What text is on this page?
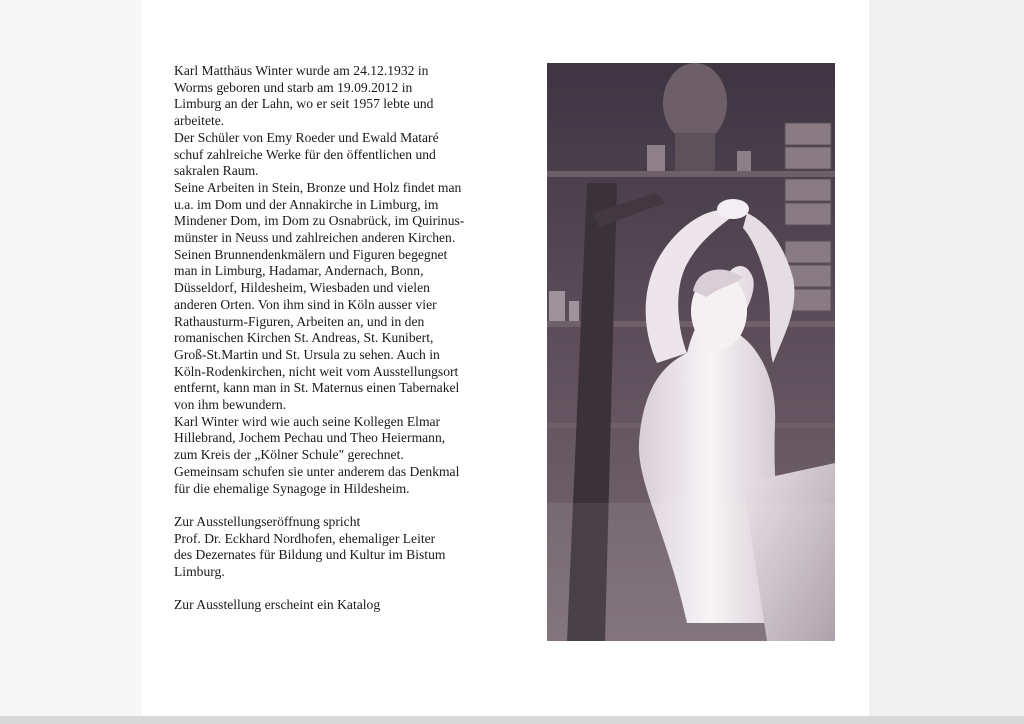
Karl Matthäus Winter wurde am 24.12.1932 in

Worms geboren und starb am 19.09.2012 in

Limburg an der Lahn, wo er seit 1957 lebte und

arbeitete.

Der Schüler von Emy Roeder und Ewald Mataré

schuf zahlreiche Werke für den öffentlichen und

sakralen Raum.

Seine Arbeiten in Stein, Bronze und Holz findet man

u.a. im Dom und der Annakirche in Limburg, im

Mindener Dom, im Dom zu Osnabrück, im Quirinus-

münster in Neuss und zahlreichen anderen Kirchen.

Seinen Brunnendenkmälern und Figuren begegnet

man in Limburg, Hadamar, Andernach, Bonn,

Düsseldorf, Hildesheim, Wiesbaden und vielen

anderen Orten. Von ihm sind in Köln ausser vier

Rathausturm-Figuren, Arbeiten an, und in den

romanischen Kirchen St. Andreas, St. Kunibert,

Groß-St.Martin und St. Ursula zu sehen. Auch in

Köln-Rodenkirchen, nicht weit vom Ausstellungsort

entfernt, kann man in St. Maternus einen Tabernakel

von ihm bewundern.

Karl Winter wird wie auch seine Kollegen Elmar

Hillebrand, Jochem Pechau und Theo Heiermann,

zum Kreis der „Kölner Schule" gerechnet.

Gemeinsam schufen sie unter anderem das Denkmal

für die ehemalige Synagoge in Hildesheim.

Zur Ausstellungseröffnung spricht

Prof. Dr. Eckhard Nordhofen, ehemaliger Leiter

des Dezernates für Bildung und Kultur im Bistum

Limburg.

Zur Ausstellung erscheint ein Katalog
